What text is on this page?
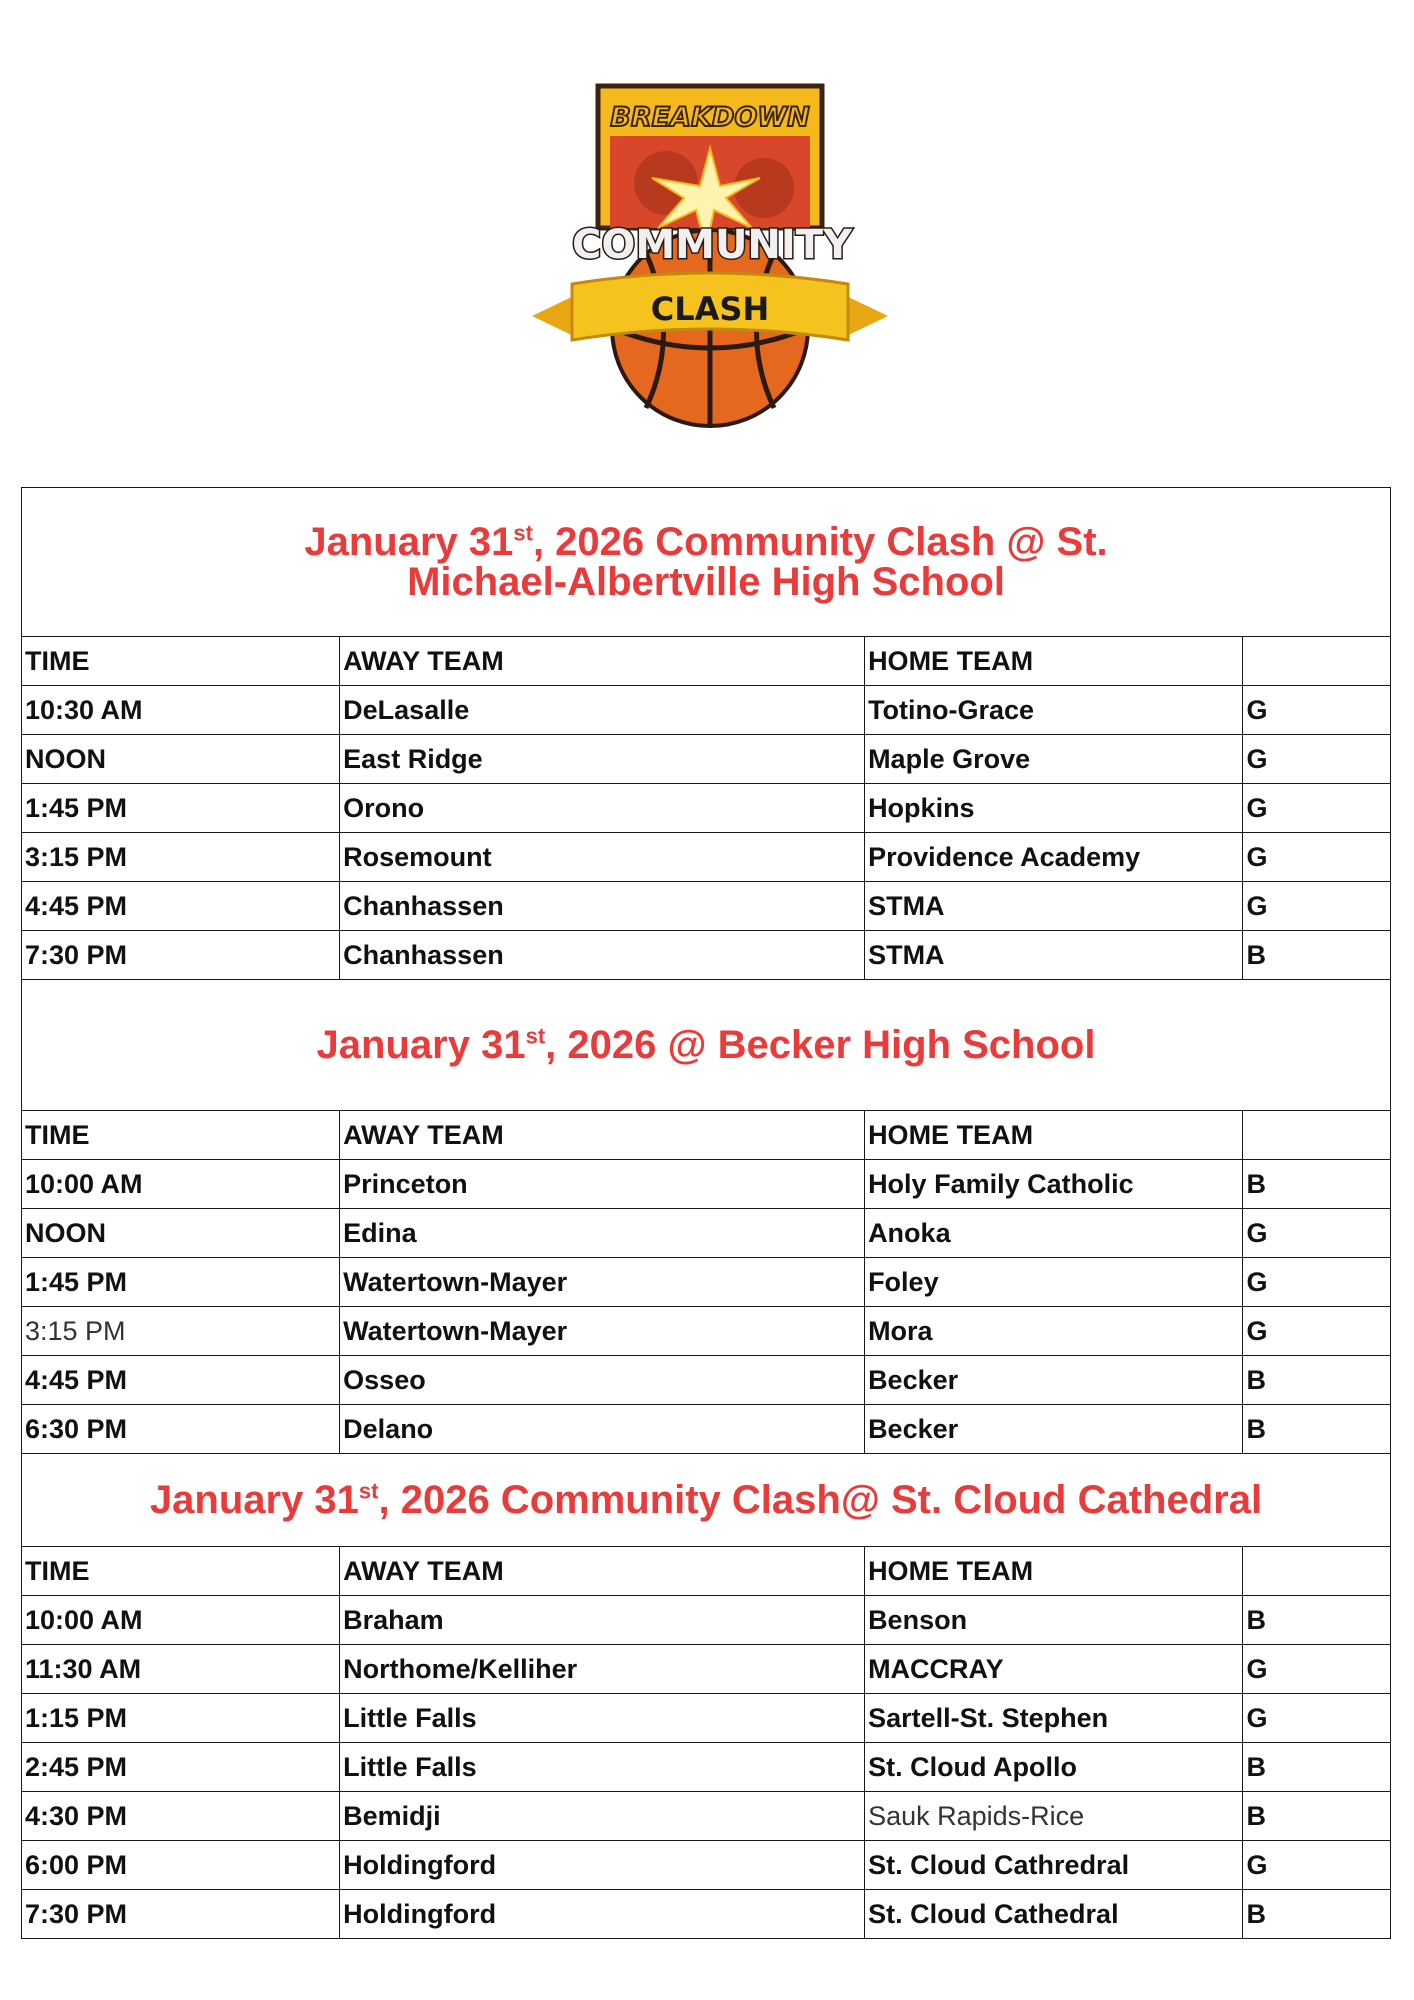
BREAKDOWN
COMMUNITY
CLASH
January 31st, 2026 Community Clash @ St.
Michael-Albertville High School			
TIME	AWAY TEAM	HOME TEAM	
10:30 AM	DeLasalle	Totino-Grace	G
NOON	East Ridge	Maple Grove	G
1:45 PM	Orono	Hopkins	G
3:15 PM	Rosemount	Providence Academy	G
4:45 PM	Chanhassen	STMA	G
7:30 PM	Chanhassen	STMA	B
January 31st, 2026 @ Becker High School			
TIME	AWAY TEAM	HOME TEAM	
10:00 AM	Princeton	Holy Family Catholic	B
NOON	Edina	Anoka	G
1:45 PM	Watertown-Mayer	Foley	G
3:15 PM	Watertown-Mayer	Mora	G
4:45 PM	Osseo	Becker	B
6:30 PM	Delano	Becker	B
January 31st, 2026 Community Clash@ St. Cloud Cathedral			
TIME	AWAY TEAM	HOME TEAM	
10:00 AM	Braham	Benson	B
11:30 AM	Northome/Kelliher	MACCRAY	G
1:15 PM	Little Falls	Sartell-St. Stephen	G
2:45 PM	Little Falls	St. Cloud Apollo	B
4:30 PM	Bemidji	Sauk Rapids-Rice	B
6:00 PM	Holdingford	St. Cloud Cathredral	G
7:30 PM	Holdingford	St. Cloud Cathedral	B
